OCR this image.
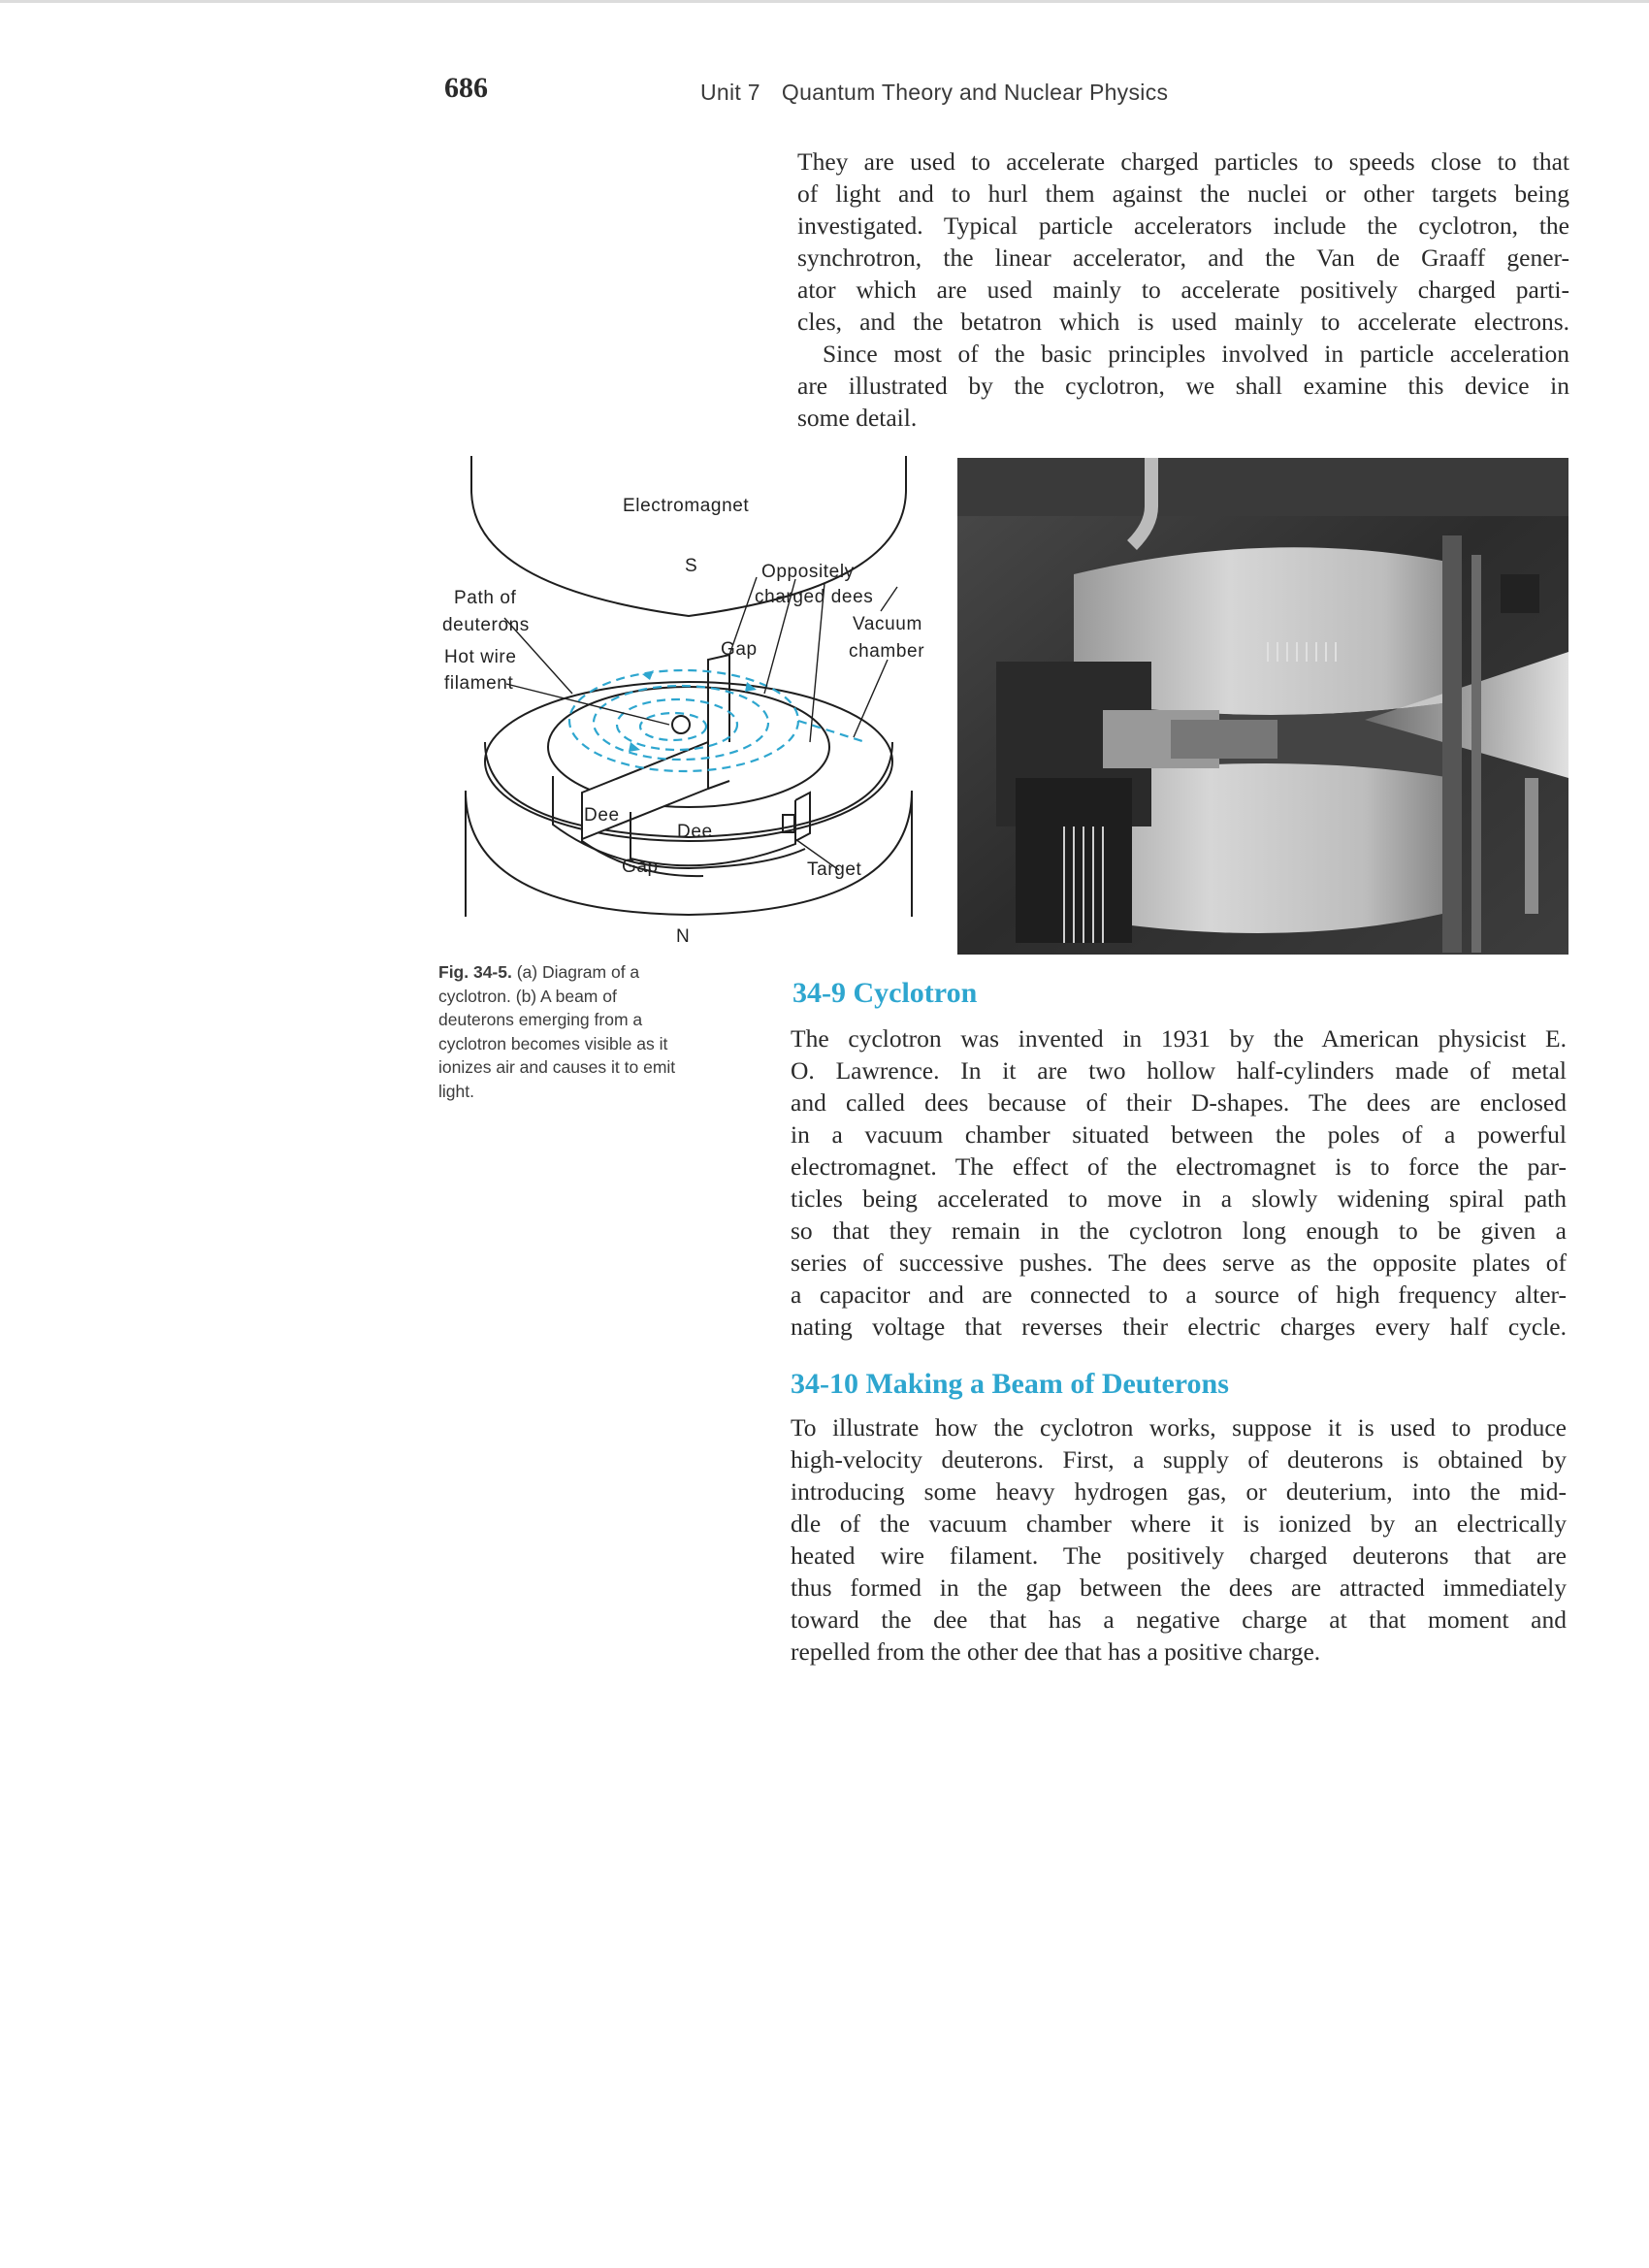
686	Unit 7 Quantum Theory and Nuclear Physics
They are used to accelerate charged particles to speeds close to that
of light and to hurl them against the nuclei or other targets being
investigated. Typical particle accelerators include the cyclotron, the
synchrotron, the linear accelerator, and the Van de Graaff gener-
ator which are used mainly to accelerate positively charged parti-
cles, and the betatron which is used mainly to accelerate electrons.
Since most of the basic principles involved in particle acceleration
are illustrated by the cyclotron, we shall examine this device in
some detail.
Electromagnet
S	Oppositely
charged dees
Path of
deuterons
Gap
Vacuum
chamber
Hot wire
filament
Dee
Dee
Gap	Target
N
Fig. 34-5. (a) Diagram of a
cyclotron. (b) A beam of
deuterons emerging from a
cyclotron becomes visible as it
ionizes air and causes it to emit
light.
34-9 Cyclotron
The cyclotron was invented in 1931 by the American physicist E.
O. Lawrence. In it are two hollow half-cylinders made of metal
and called dees because of their D-shapes. The dees are enclosed
in a vacuum chamber situated between the poles of a powerful
electromagnet. The effect of the electromagnet is to force the par-
ticles being accelerated to move in a slowly widening spiral path
so that they remain in the cyclotron long enough to be given a
series of successive pushes. The dees serve as the opposite plates of
a capacitor and are connected to a source of high frequency alter-
nating voltage that reverses their electric charges every half cycle.
34-10 Making a Beam of Deuterons
To illustrate how the cyclotron works, suppose it is used to produce
high-velocity deuterons. First, a supply of deuterons is obtained by
introducing some heavy hydrogen gas, or deuterium, into the mid-
dle of the vacuum chamber where it is ionized by an electrically
heated wire filament. The positively charged deuterons that are
thus formed in the gap between the dees are attracted immediately
toward the dee that has a negative charge at that moment and
repelled from the other dee that has a positive charge.
